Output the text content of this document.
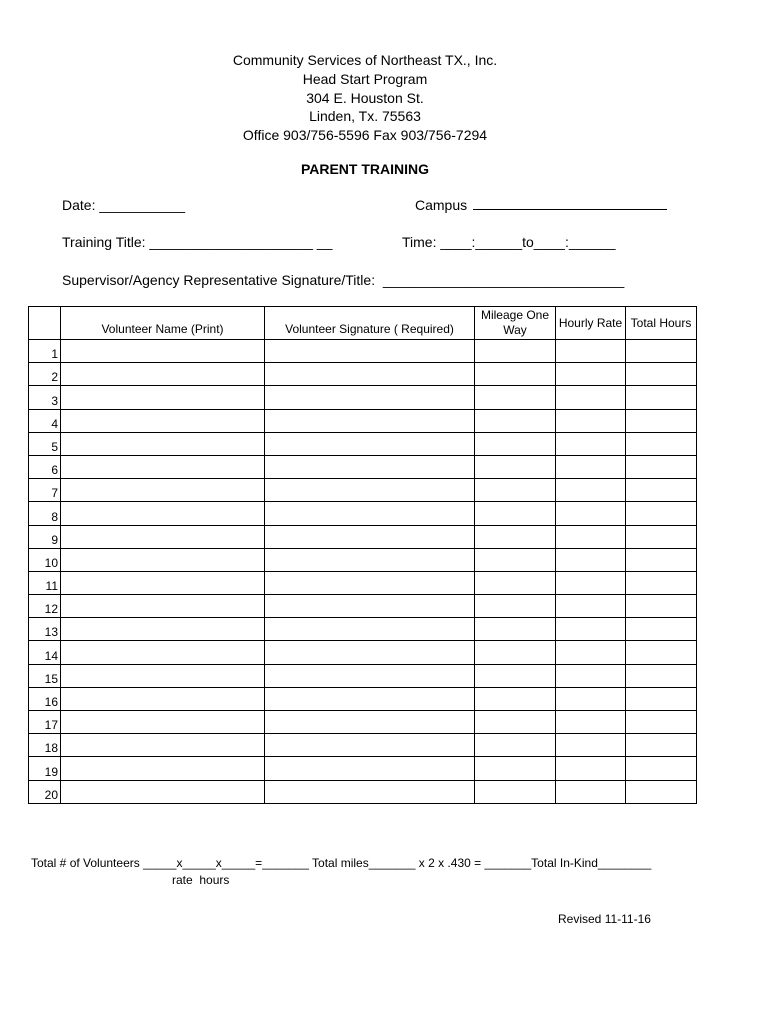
Community Services of Northeast TX., Inc.
Head Start Program
304 E. Houston St.
Linden, Tx. 75563
Office 903/756-5596 Fax 903/756-7294
PARENT TRAINING
Date: ___________	Campus
Training Title: _____________________ __	Time: ____:______to____:______
Supervisor/Agency Representative Signature/Title:  _______________________________
	Volunteer Name (Print)	Volunteer Signature ( Required)	Mileage One Way	Hourly Rate	Total Hours
1					
2					
3					
4					
5					
6					
7					
8					
9					
10					
11					
12					
13					
14					
15					
16					
17					
18					
19					
20					
Total # of Volunteers _____x_____x_____=_______ Total miles_______ x 2 x .430 = _______Total In-Kind________
rate  hours
Revised 11-11-16
